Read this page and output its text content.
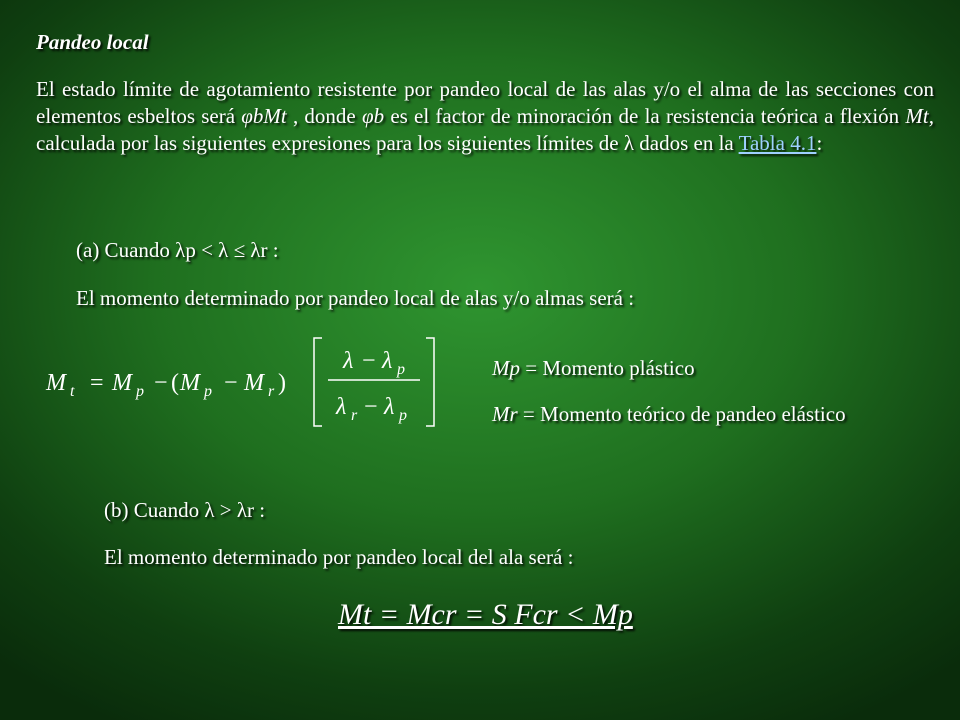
Pandeo local
El estado límite de agotamiento resistente por pandeo local de las alas y/o el alma de las secciones con elementos esbeltos será φbMt , donde φb es el factor de minoración de la resistencia teórica a flexión Mt, calculada por las siguientes expresiones para los siguientes límites de λ dados en la Tabla 4.1:
(a) Cuando λp < λ ≤ λr :
El momento determinado por pandeo local de alas y/o almas será :
M t = M p − ( M p − M r )
λ − λ p
λ r − λ p
Mp = Momento plástico
Mr = Momento teórico de pandeo elástico
(b) Cuando λ > λr :
El momento determinado por pandeo local del ala será :
Mt = Mcr = S Fcr < Mp
